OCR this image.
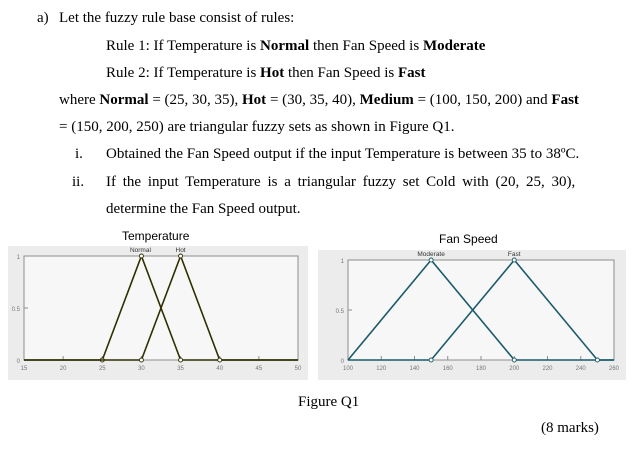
a) Let the fuzzy rule base consist of rules:
Rule 1: If Temperature is Normal then Fan Speed is Moderate
Rule 2: If Temperature is Hot then Fan Speed is Fast
where Normal = (25, 30, 35), Hot = (30, 35, 40), Medium = (100, 150, 200) and Fast
= (150, 200, 250) are triangular fuzzy sets as shown in Figure Q1.
i. Obtained the Fan Speed output if the input Temperature is between 35 to 38ºC.
ii. If the input Temperature is a triangular fuzzy set Cold with (20, 25, 30),
determine the Fan Speed output.
Temperature	Fan Speed
0
0.5
1
15	20	25	30	35	40	45	50
Normal	Hot
0
0.5
1
100	120	140	160	180	200	220	240	260
Moderate	Fast
Figure Q1
(8 marks)
